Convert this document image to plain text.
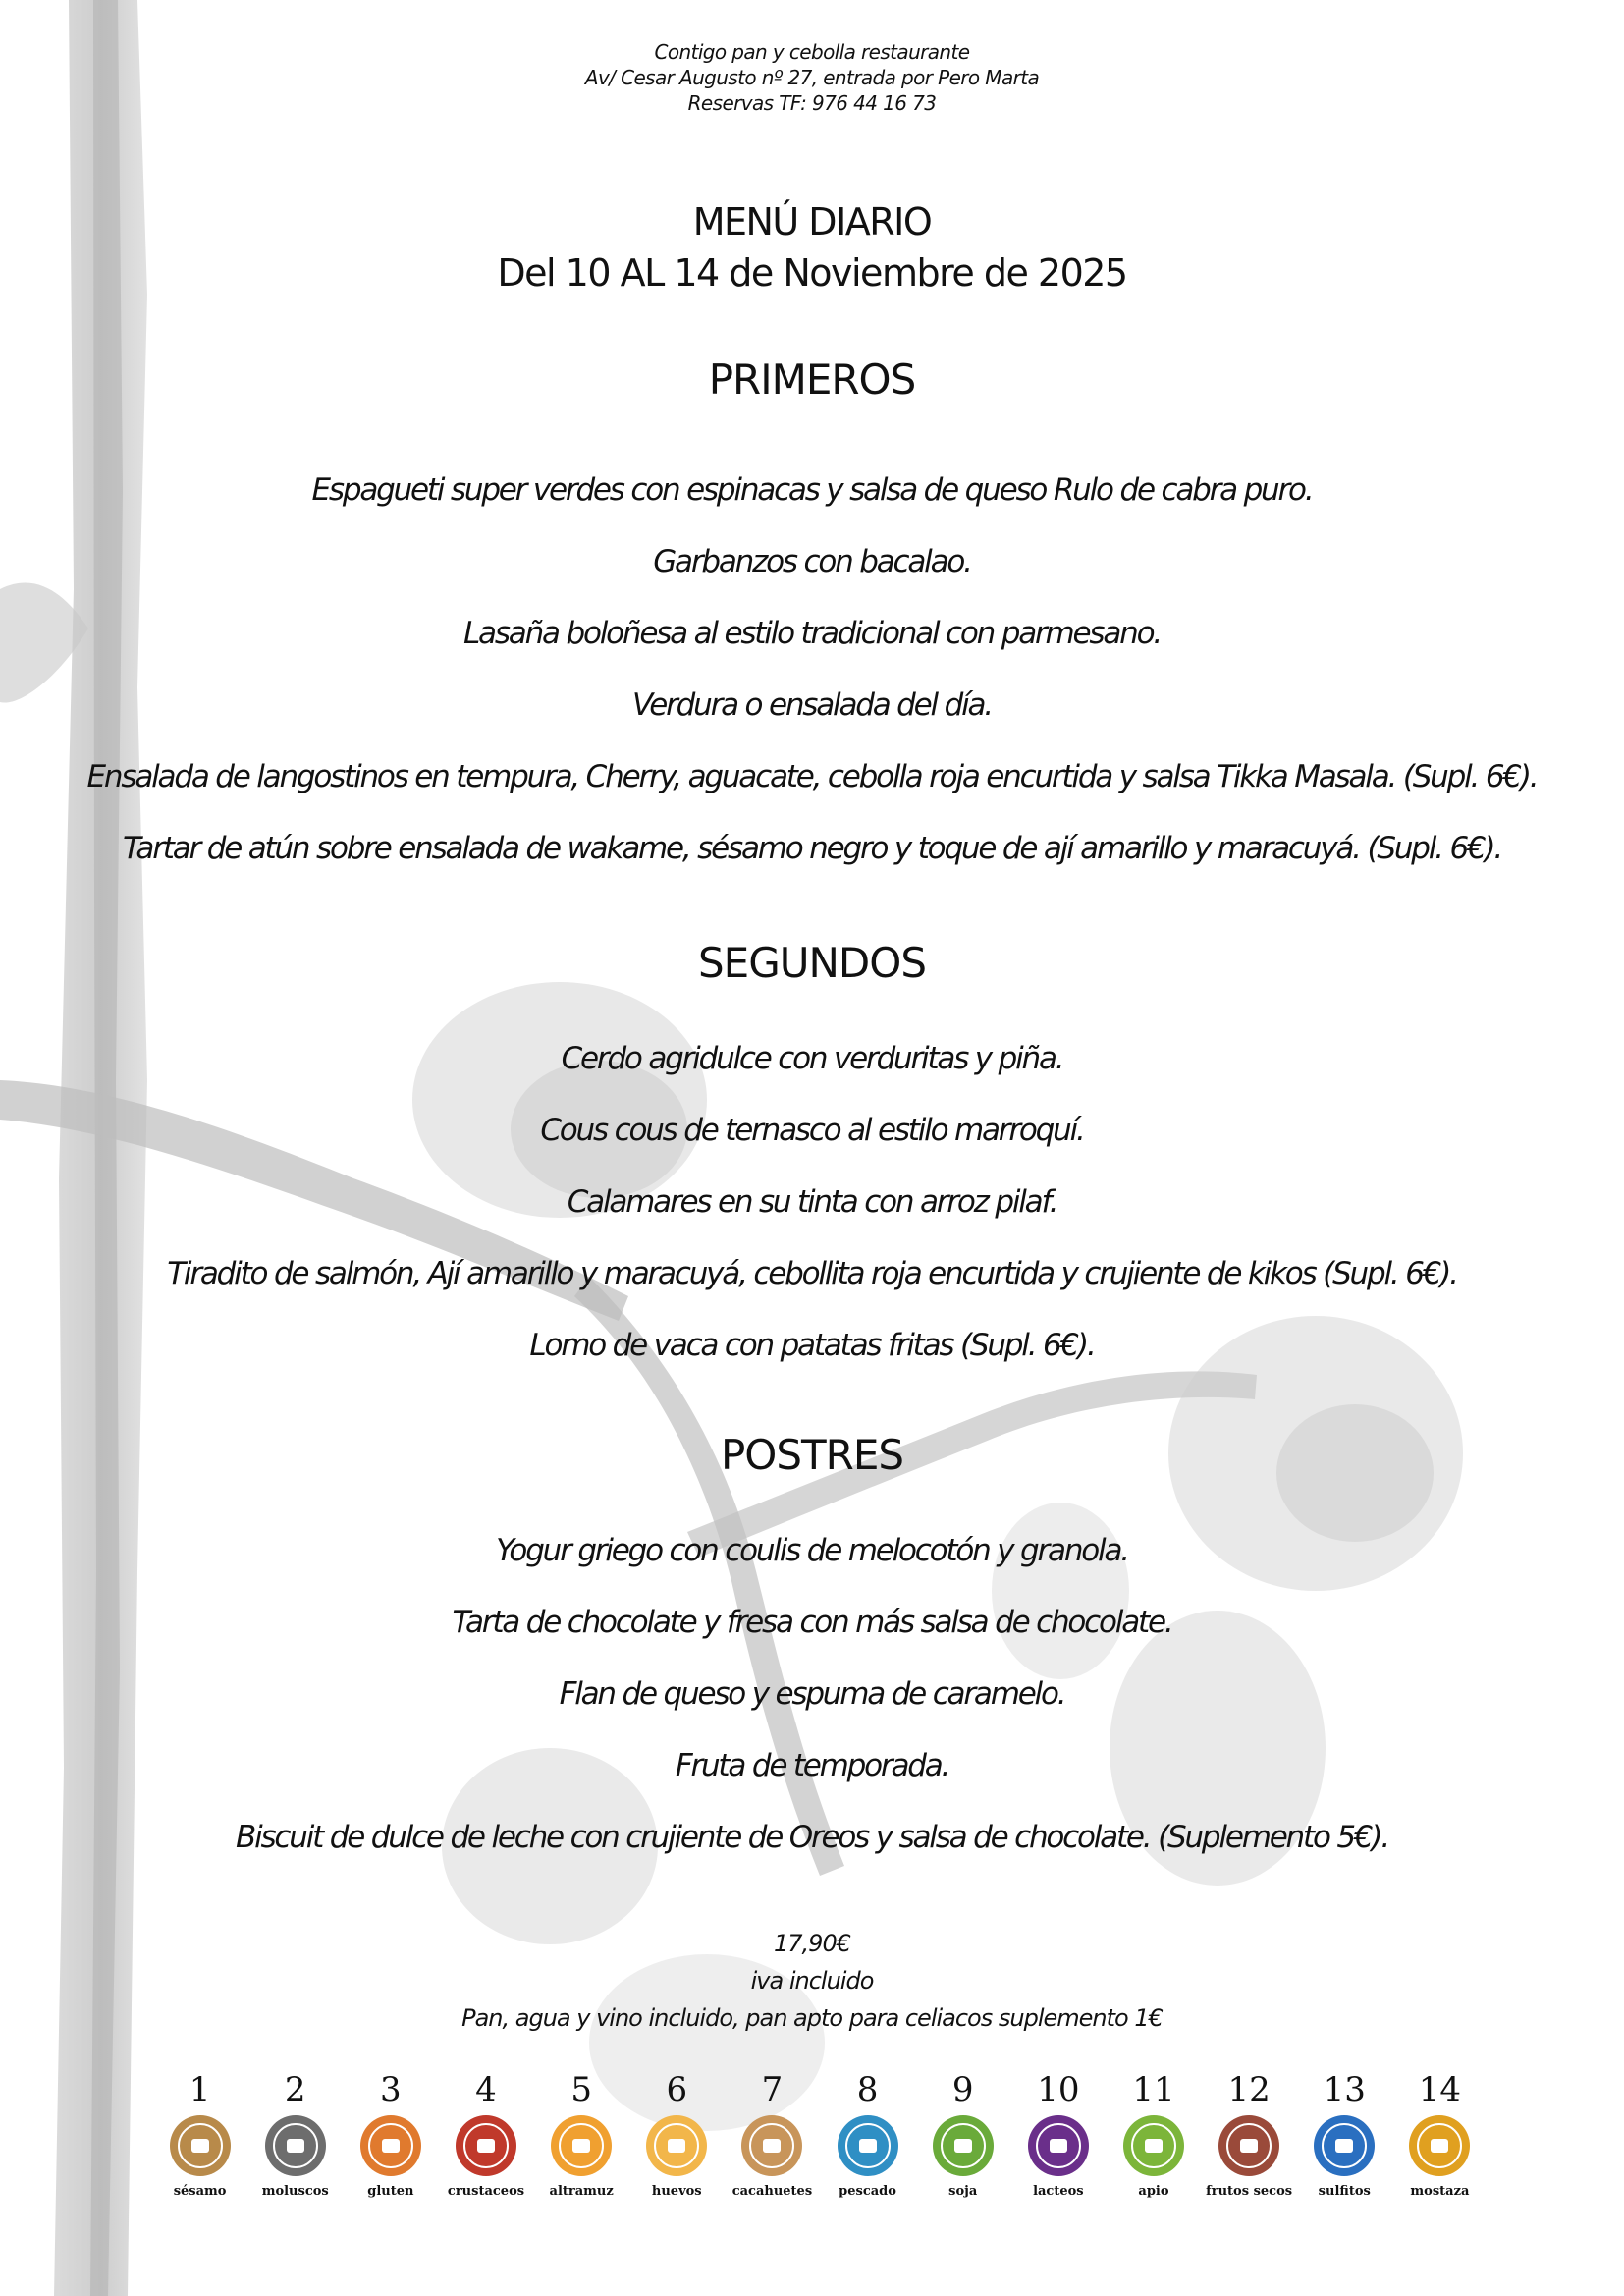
Contigo pan y cebolla restaurante
Av/ Cesar Augusto nº 27, entrada por Pero Marta
Reservas TF: 976 44 16 73
MENÚ DIARIO
Del 10 AL 14 de Noviembre de 2025
PRIMEROS
Espagueti super verdes con espinacas y salsa de queso Rulo de cabra puro.
Garbanzos con bacalao.
Lasaña boloñesa al estilo tradicional con parmesano.
Verdura o ensalada del día.
Ensalada de langostinos en tempura, Cherry, aguacate, cebolla roja encurtida y salsa Tikka Masala. (Supl. 6€).
Tartar de atún sobre ensalada de wakame, sésamo negro y toque de ají amarillo y maracuyá. (Supl. 6€).
SEGUNDOS
Cerdo agridulce con verduritas y piña.
Cous cous de ternasco al estilo marroquí.
Calamares en su tinta con arroz pilaf.
Tiradito de salmón, Ají amarillo y maracuyá, cebollita roja encurtida y crujiente de kikos (Supl. 6€).
Lomo de vaca con patatas fritas (Supl. 6€).
POSTRES
Yogur griego con coulis de melocotón y granola.
Tarta de chocolate y fresa con más salsa de chocolate.
Flan de queso y espuma de caramelo.
Fruta de temporada.
Biscuit de dulce de leche con crujiente de Oreos y salsa de chocolate. (Suplemento 5€).
17,90€
iva incluido
Pan, agua y vino incluido, pan apto para celiacos suplemento 1€
1
sésamo
2
moluscos
3
gluten
4
crustaceos
5
altramuz
6
huevos
7
cacahuetes
8
pescado
9
soja
10
lacteos
11
apio
12
frutos secos
13
sulfitos
14
mostaza
